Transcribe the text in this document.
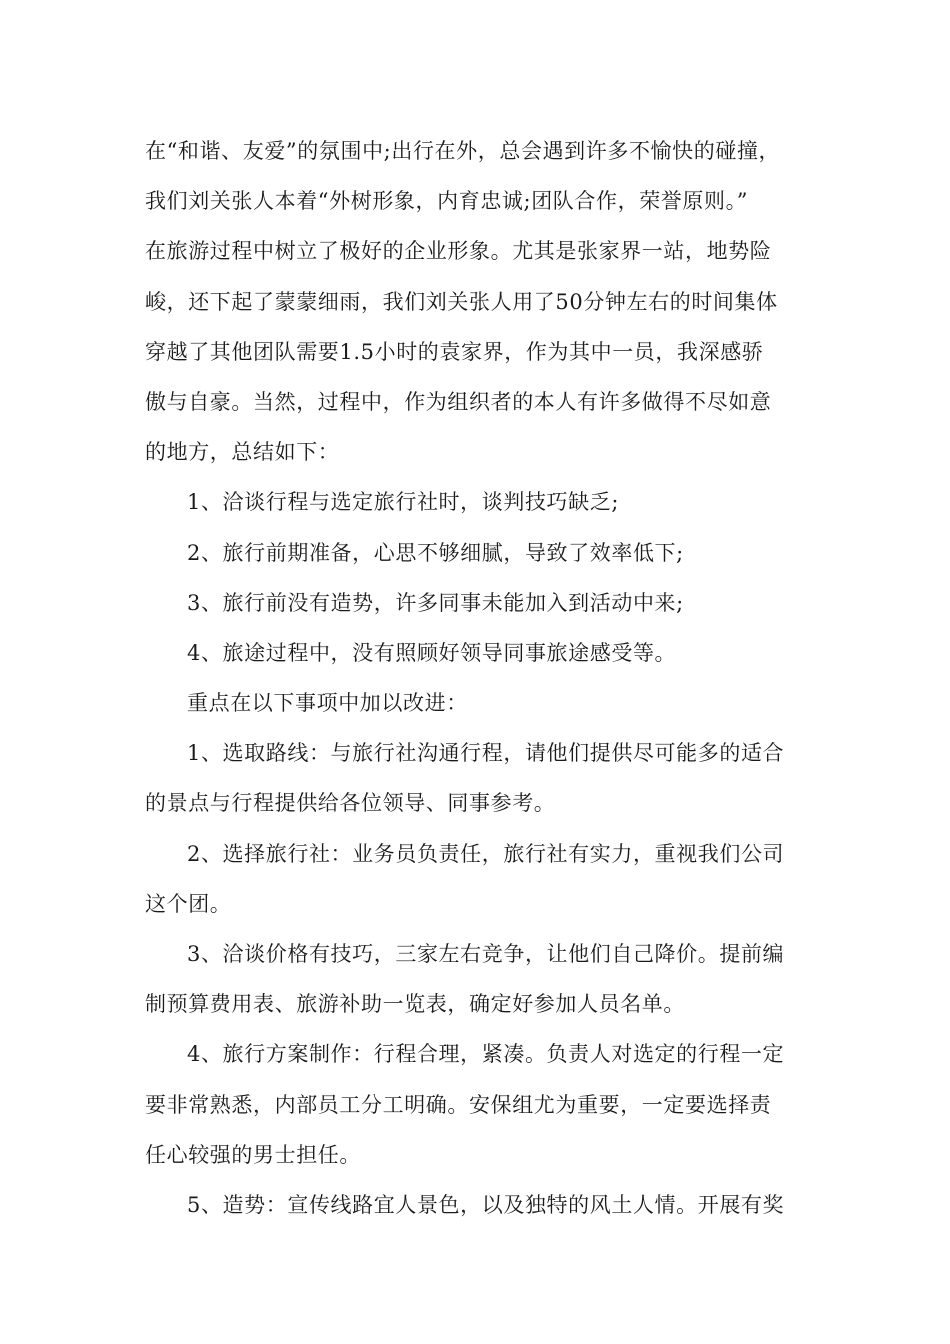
在“和谐、友爱”的氛围中;出行在外，总会遇到许多不愉快的碰撞，
我们刘关张人本着“外树形象，内育忠诚;团队合作，荣誉原则。”
在旅游过程中树立了极好的企业形象。尤其是张家界一站，地势险
峻，还下起了蒙蒙细雨，我们刘关张人用了50分钟左右的时间集体
穿越了其他团队需要1.5小时的袁家界，作为其中一员，我深感骄
傲与自豪。当然，过程中，作为组织者的本人有许多做得不尽如意
的地方，总结如下：
1、洽谈行程与选定旅行社时，谈判技巧缺乏;
2、旅行前期准备，心思不够细腻，导致了效率低下;
3、旅行前没有造势，许多同事未能加入到活动中来;
4、旅途过程中，没有照顾好领导同事旅途感受等。
重点在以下事项中加以改进：
1、选取路线：与旅行社沟通行程，请他们提供尽可能多的适合
的景点与行程提供给各位领导、同事参考。
2、选择旅行社：业务员负责任，旅行社有实力，重视我们公司
这个团。
3、洽谈价格有技巧，三家左右竞争，让他们自己降价。提前编
制预算费用表、旅游补助一览表，确定好参加人员名单。
4、旅行方案制作：行程合理，紧凑。负责人对选定的行程一定
要非常熟悉，内部员工分工明确。安保组尤为重要，一定要选择责
任心较强的男士担任。
5、造势：宣传线路宜人景色，以及独特的风土人情。开展有奖
